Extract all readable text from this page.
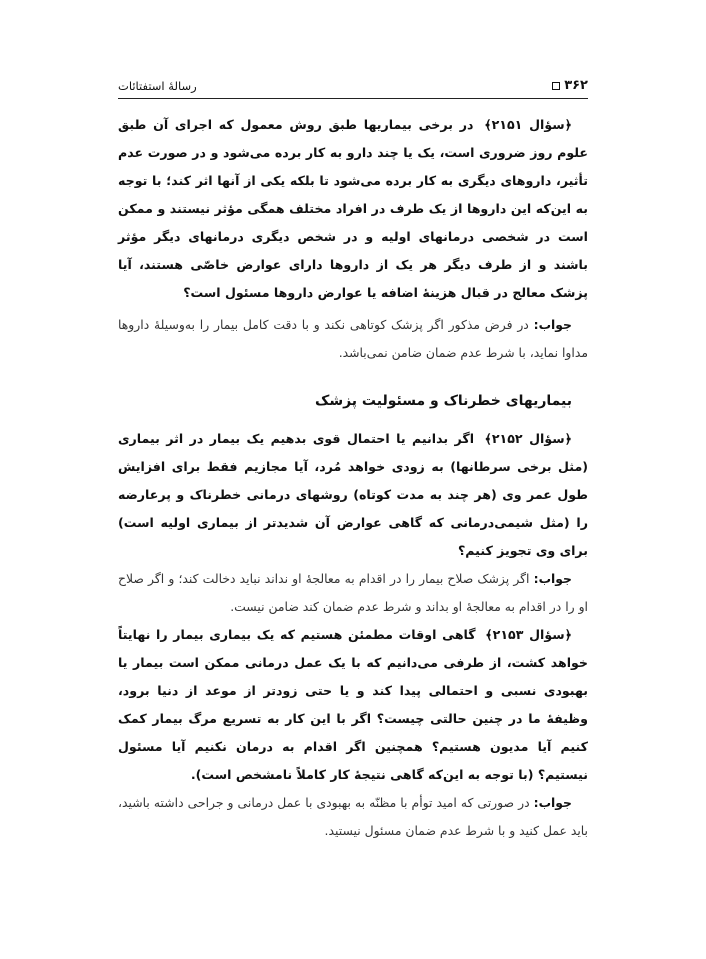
۳۶۲
رسالهٔ استفتائات

﴿سؤال ۲۱۵۱﴾ در برخی بیماریها طبق روش معمول که اجرای آن طبق علوم روز ضروری است، یک یا چند دارو به کار برده می‌شود و در صورت عدم تأثیر، داروهای دیگری به کار برده می‌شود تا بلکه یکی از آنها اثر کند؛ با توجه به این‌که این داروها از یک طرف در افراد مختلف همگی مؤثر نیستند و ممکن است در شخصی درمانهای اولیه و در شخص دیگری درمانهای دیگر مؤثر باشند و از طرف دیگر هر یک از داروها دارای عوارض خاصّی هستند، آیا پزشک معالج در قبال هزینهٔ اضافه یا عوارض داروها مسئول است؟

جواب: در فرض مذکور اگر پزشک کوتاهی نکند و با دقت کامل بیمار را به‌وسیلهٔ داروها مداوا نماید، با شرط عدم ضمان ضامن نمی‌باشد.

بیماریهای خطرناک و مسئولیت پزشک

﴿سؤال ۲۱۵۲﴾ اگر بدانیم یا احتمال قوی بدهیم یک بیمار در اثر بیماری (مثل برخی سرطانها) به زودی خواهد مُرد، آیا مجازیم فقط برای افزایش طول عمر وی (هر چند به مدت کوتاه) روشهای درمانی خطرناک و پرعارضه را (مثل شیمی‌درمانی که گاهی عوارض آن شدیدتر از بیماری اولیه است) برای وی تجویز کنیم؟

جواب: اگر پزشک صلاح بیمار را در اقدام به معالجهٔ او نداند نباید دخالت کند؛ و اگر صلاح او را در اقدام به معالجهٔ او بداند و شرط عدم ضمان کند ضامن نیست.

﴿سؤال ۲۱۵۳﴾ گاهی اوقات مطمئن هستیم که یک بیماری بیمار را نهایتاً خواهد کشت، از طرفی می‌دانیم که با یک عمل درمانی ممکن است بیمار یا بهبودی نسبی و احتمالی پیدا کند و یا حتی زودتر از موعد از دنیا برود، وظیفهٔ ما در چنین حالتی چیست؟ اگر با این کار به تسریع مرگ بیمار کمک کنیم آیا مدیون هستیم؟ همچنین اگر اقدام به درمان نکنیم آیا مسئول نیستیم؟ (با توجه به این‌که گاهی نتیجهٔ کار کاملاً نامشخص است).

جواب: در صورتی که امید توأم با مظنّه به بهبودی با عمل درمانی و جراحی داشته باشید، باید عمل کنید و با شرط عدم ضمان مسئول نیستید.
